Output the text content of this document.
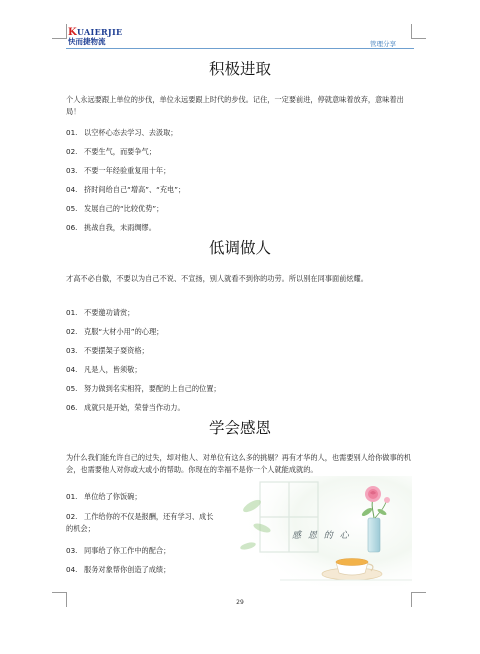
KUAIERJIE
快而捷物流	管理分享
积极进取
个人永远要跟上单位的步伐，单位永远要跟上时代的步伐。记住，一定要前进，停就意味着放弃，意味着出局！
01. 以空杯心态去学习、去汲取；
02. 不要生气，而要争气；
03. 不要一年经验重复用十年；
04. 挤时间给自己“增高”、“充电”；
05. 发展自己的“比较优势”；
06. 挑战自我，未雨绸缪。
低调做人
才高不必自傲，不要以为自己不说、不宣扬，别人就看不到你的功劳。所以别在同事面前炫耀。
01. 不要邀功请赏；
02. 克服“大材小用”的心理；
03. 不要摆架子耍资格；
04. 凡是人，皆须敬；
05. 努力做到名实相符，要配的上自己的位置；
06. 成就只是开始，荣誉当作动力。
学会感恩
为什么我们能允许自己的过失，却对他人、对单位有这么多的挑剔？再有才华的人，也需要别人给你做事的机会，也需要他人对你或大或小的帮助。你现在的幸福不是你一个人就能成就的。
01. 单位给了你饭碗；
02. 工作给你的不仅是报酬，还有学习、成长的机会；
03. 同事给了你工作中的配合；
04. 服务对象帮你创造了成绩；
感 恩 的 心
29
